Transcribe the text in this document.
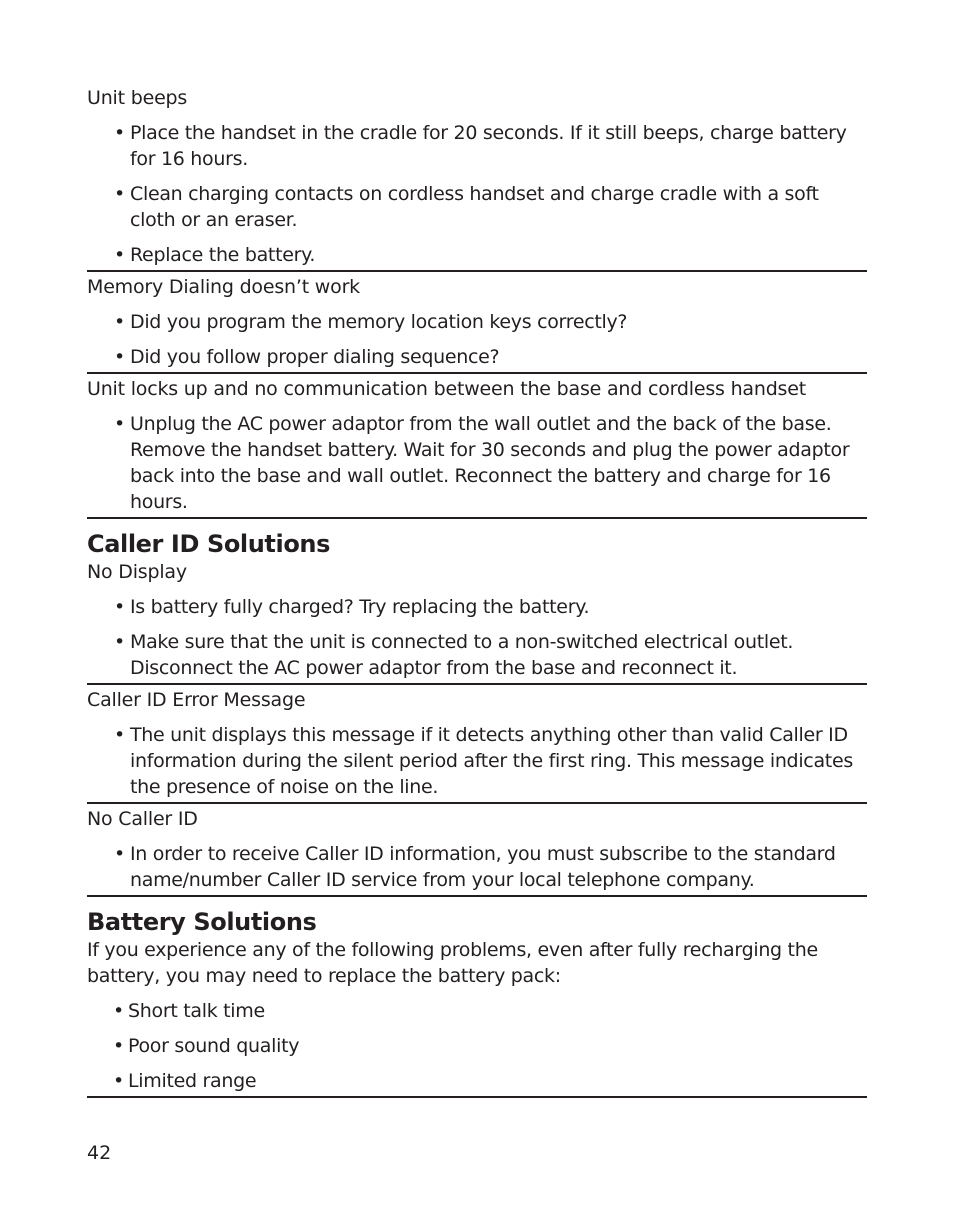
Unit beeps

• Place the handset in the cradle for 20 seconds. If it still beeps, charge battery for 16 hours.
• Clean charging contacts on cordless handset and charge cradle with a soft cloth or an eraser.
• Replace the battery.

Memory Dialing doesn’t work

• Did you program the memory location keys correctly?
• Did you follow proper dialing sequence?

Unit locks up and no communication between the base and cordless handset

• Unplug the AC power adaptor from the wall outlet and the back of the base. Remove the handset battery. Wait for 30 seconds and plug the power adaptor back into the base and wall outlet. Reconnect the battery and charge for 16 hours.
Caller ID Solutions

No Display

• Is battery fully charged? Try replacing the battery.
• Make sure that the unit is connected to a non-switched electrical outlet. Disconnect the AC power adaptor from the base and reconnect it.

Caller ID Error Message

• The unit displays this message if it detects anything other than valid Caller ID information during the silent period after the first ring. This message indicates the presence of noise on the line.

No Caller ID

• In order to receive Caller ID information, you must subscribe to the standard name/number Caller ID service from your local telephone company.
Battery Solutions

If you experience any of the following problems, even after fully recharging the battery, you may need to replace the battery pack:

• Short talk time
• Poor sound quality
• Limited range
42
